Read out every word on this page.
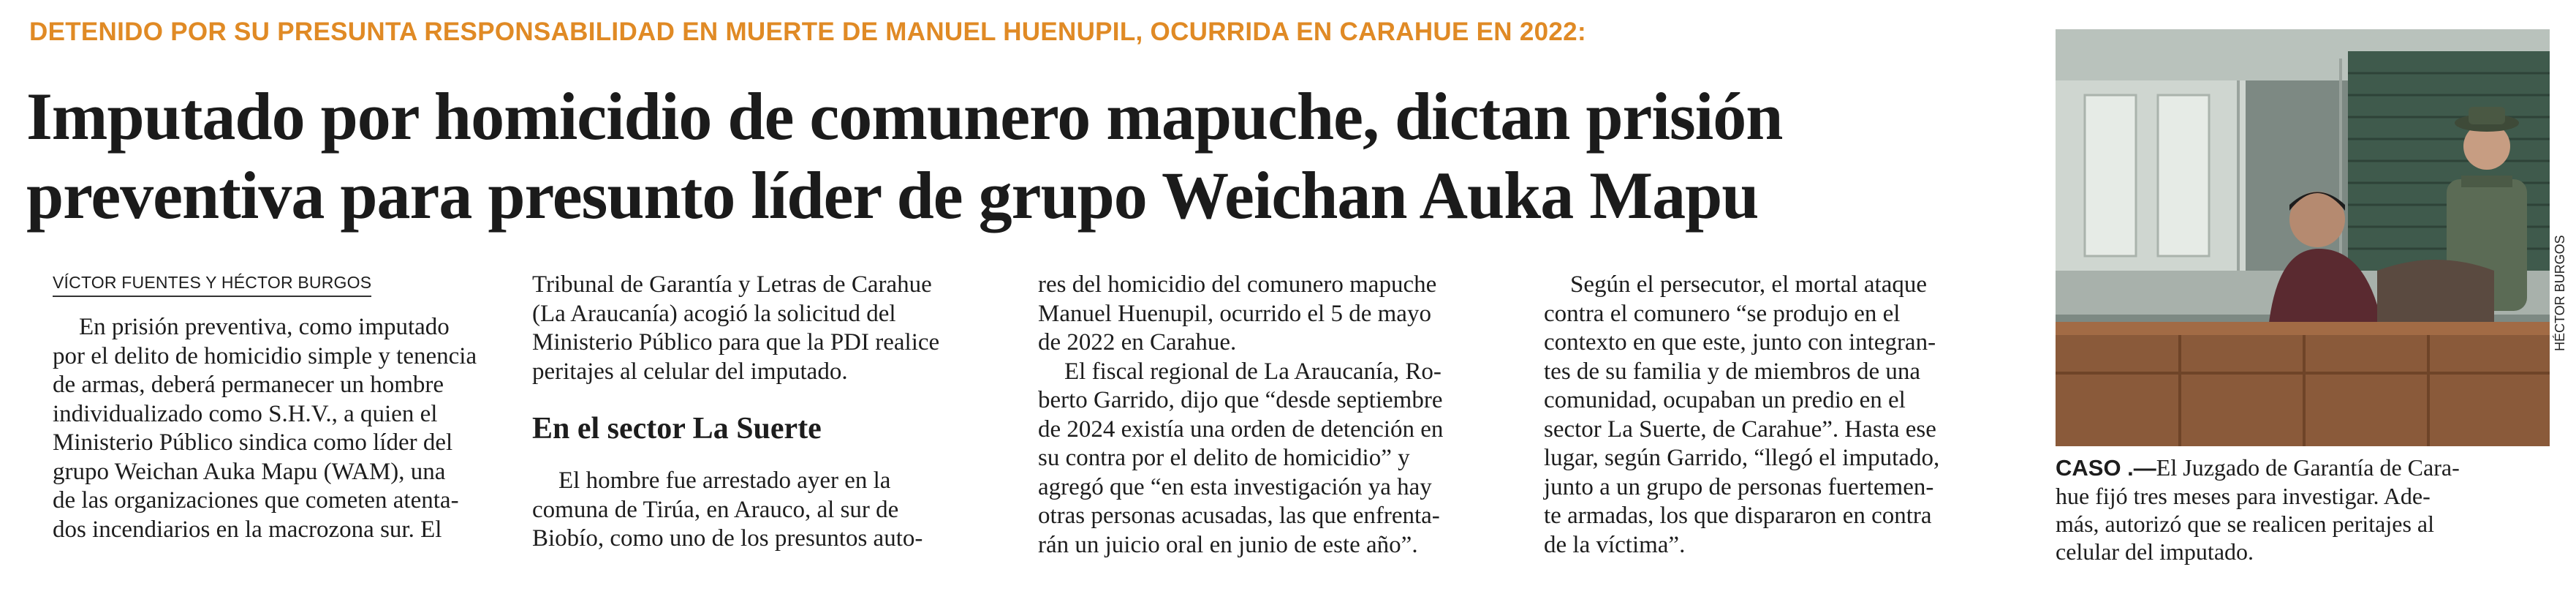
DETENIDO POR SU PRESUNTA RESPONSABILIDAD EN MUERTE DE MANUEL HUENUPIL, OCURRIDA EN CARAHUE EN 2022:
Imputado por homicidio de comunero mapuche, dictan prisión
preventiva para presunto líder de grupo Weichan Auka Mapu
VÍCTOR FUENTES Y HÉCTOR BURGOS

En prisión preventiva, como imputado
por el delito de homicidio simple y tenencia
de armas, deberá permanecer un hombre
individualizado como S.H.V., a quien el
Ministerio Público sindica como líder del
grupo Weichan Auka Mapu (WAM), una
de las organizaciones que cometen atenta-
dos incendiarios en la macrozona sur. El

Tribunal de Garantía y Letras de Carahue
(La Araucanía) acogió la solicitud del
Ministerio Público para que la PDI realice
peritajes al celular del imputado.

En el sector La Suerte

El hombre fue arrestado ayer en la
comuna de Tirúa, en Arauco, al sur de
Biobío, como uno de los presuntos auto-

res del homicidio del comunero mapuche
Manuel Huenupil, ocurrido el 5 de mayo
de 2022 en Carahue.

El fiscal regional de La Araucanía, Ro-
berto Garrido, dijo que “desde septiembre
de 2024 existía una orden de detención en
su contra por el delito de homicidio” y
agregó que “en esta investigación ya hay
otras personas acusadas, las que enfrenta-
rán un juicio oral en junio de este año”.

Según el persecutor, el mortal ataque
contra el comunero “se produjo en el
contexto en que este, junto con integran-
tes de su familia y de miembros de una
comunidad, ocupaban un predio en el
sector La Suerte, de Carahue”. Hasta ese
lugar, según Garrido, “llegó el imputado,
junto a un grupo de personas fuertemen-
te armadas, los que dispararon en contra
de la víctima”.

HÉCTOR BURGOS
CASO .—El Juzgado de Garantía de Cara-
hue fijó tres meses para investigar. Ade-
más, autorizó que se realicen peritajes al
celular del imputado.
